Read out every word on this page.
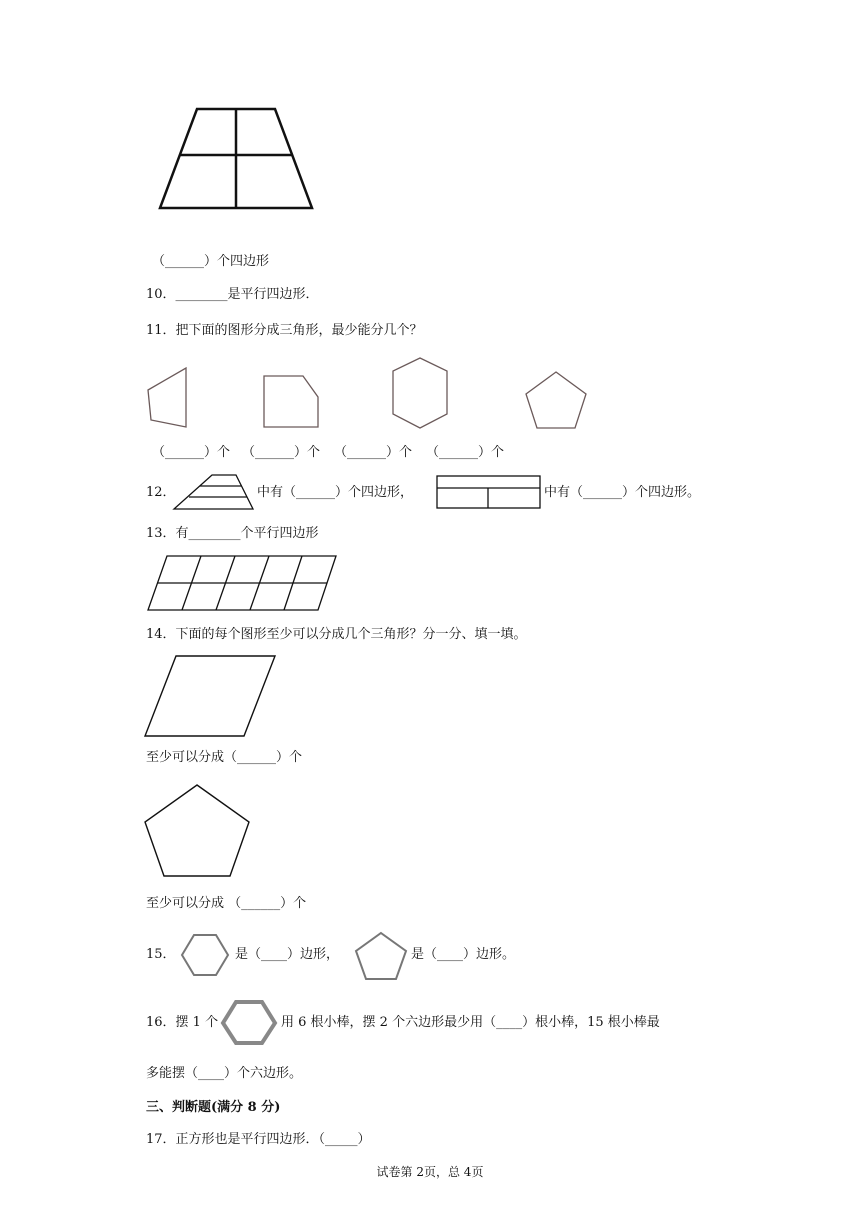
（______）个四边形
10．________是平行四边形．
11．把下面的图形分成三角形，最少能分几个？
（______）个 （______）个 （______）个 （______）个
12．	中有（______）个四边形，	中有（______）个四边形。
13．有________个平行四边形
14．下面的每个图形至少可以分成几个三角形？分一分、填一填。
至少可以分成（______）个
至少可以分成 （______）个
15．	是（____）边形，	是（____）边形。
16．摆 1 个	用 6 根小棒，摆 2 个六边形最少用（____）根小棒，15 根小棒最
多能摆（____）个六边形。
三、判断题(满分 8 分)
17．正方形也是平行四边形．（_____）
试卷第 2页，总 4页
